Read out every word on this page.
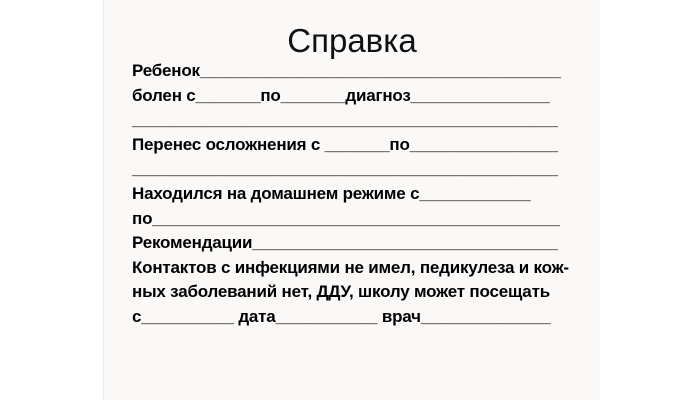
Справка
Ребенок_______________________________________
болен с_______по_______диагноз_______________
______________________________________________
Перенес осложнения с _______по________________
______________________________________________
Находился на домашнем режиме с____________
по____________________________________________
Рекомендации_________________________________
Контактов с инфекциями не имел, педикулеза и кож-
ных заболеваний нет, ДДУ, школу может посещать
с__________ дата___________ врач______________
